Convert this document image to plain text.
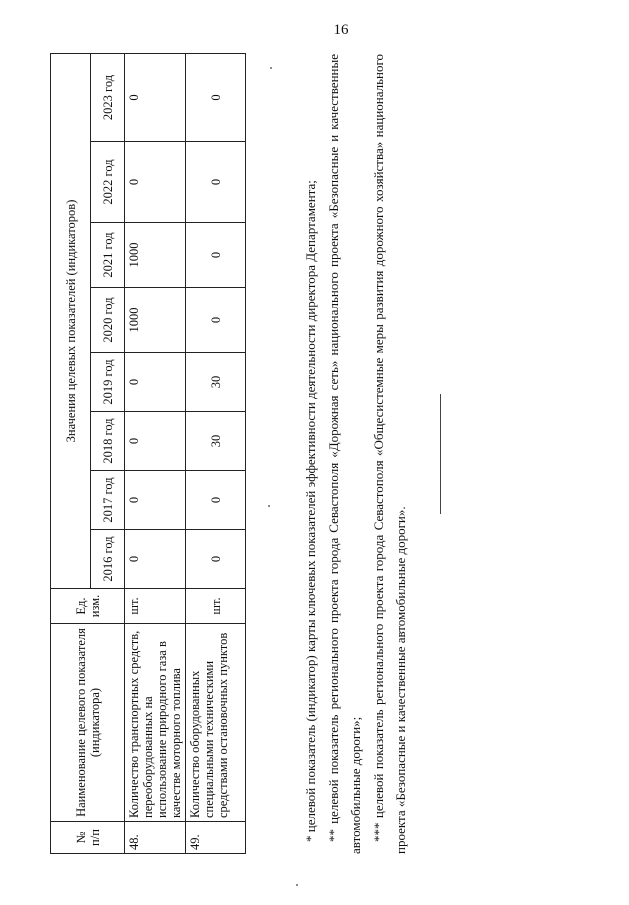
16
№ п/п	Наименование целевого показателя (индикатора)	Ед. изм.	Значения целевых показателей (индикаторов)							
			2016 год	2017 год	2018 год	2019 год	2020 год	2021 год	2022 год	2023 год
48.	Количество транспортных средств, переоборудованных на использование природного газа в качестве моторного топлива	шт.	0	0	0	0	1000	1000	0	0
49.	Количество оборудованных специальными техническими средствами остановочных пунктов	шт.	0	0	30	30	0	0	0	0

* целевой показатель (индикатор) карты ключевых показателей эффективности деятельности директора Департамента; ** целевой показатель регионального проекта города Севастополя «Дорожная сеть» национального проекта «Безопасные и качественные автомобильные дороги»; *** целевой показатель регионального проекта города Севастополя «Общесистемные меры развития дорожного хозяйства» национального проекта «Безопасные и качественные автомобильные дороги».
